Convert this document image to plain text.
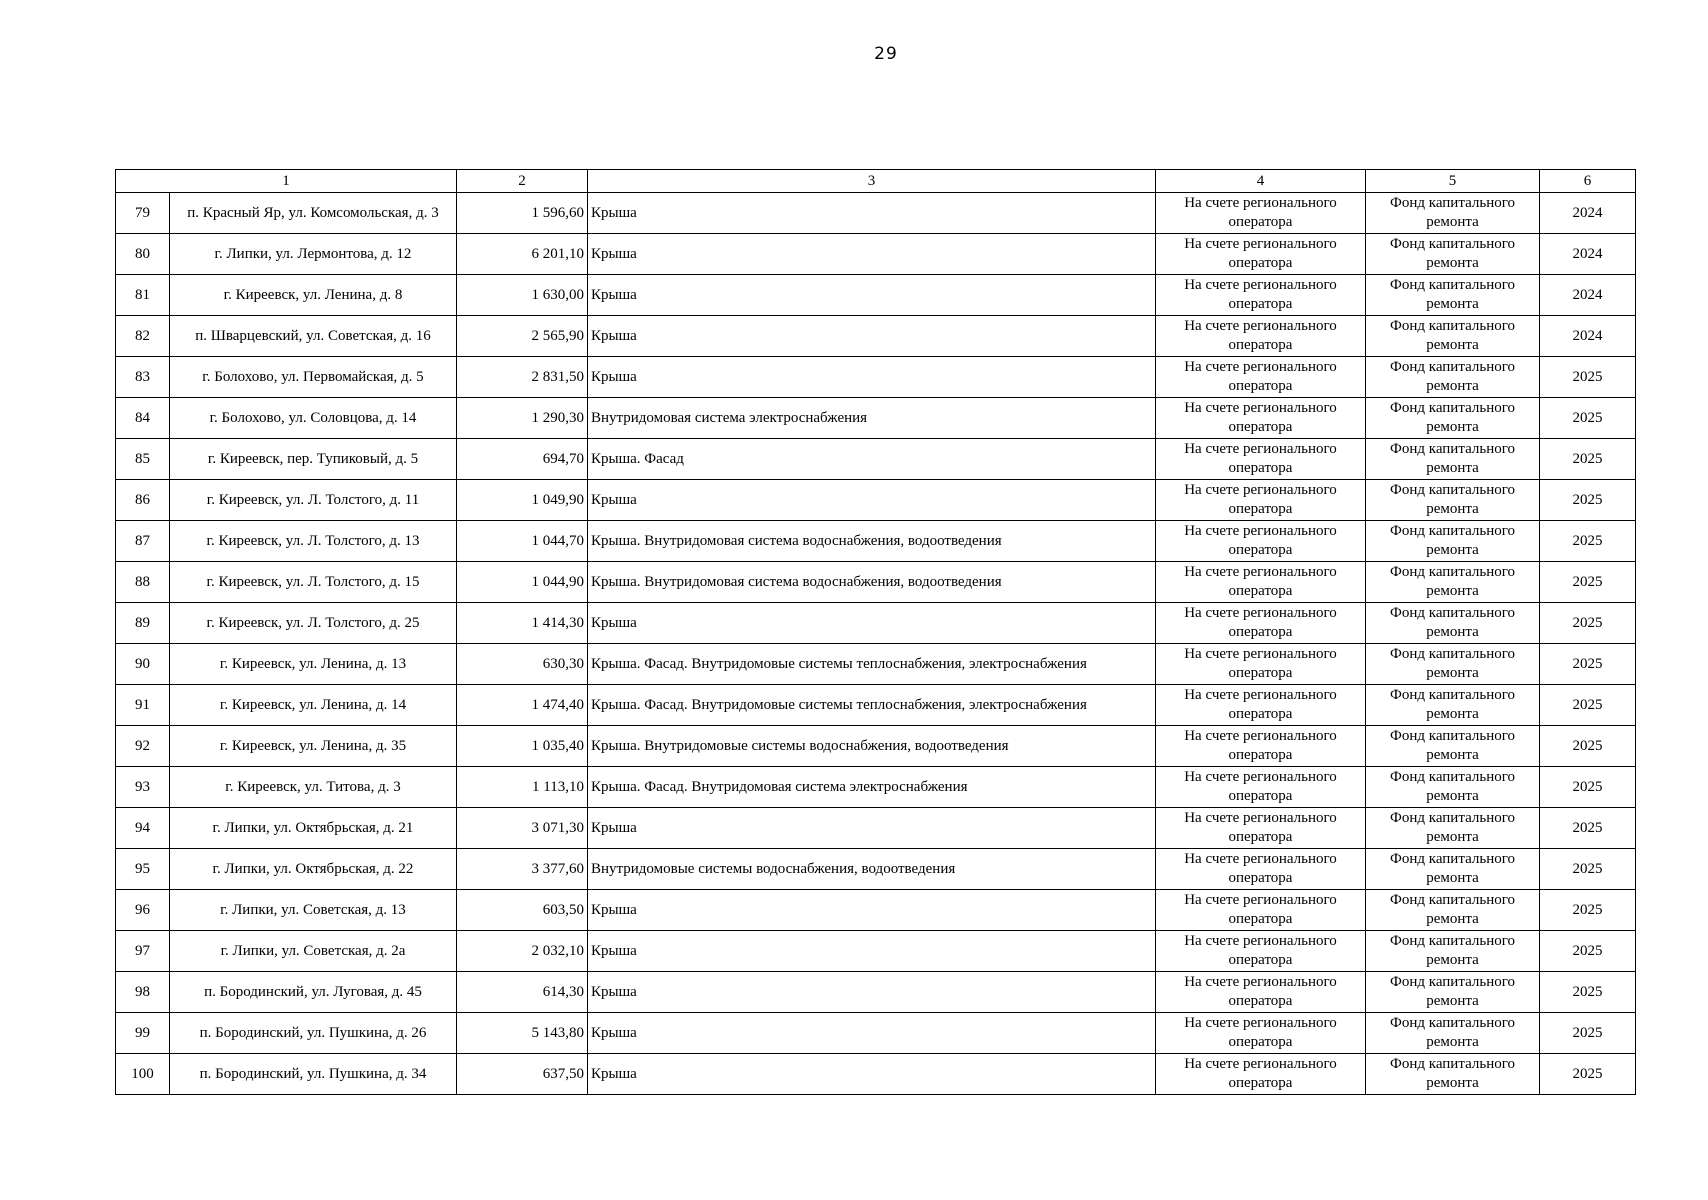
29
1		2	3	4	5	6
79	п. Красный Яр, ул. Комсомольская, д. 3	1 596,60	Крыша	На счете регионального оператора	Фонд капитального ремонта	2024
80	г. Липки, ул. Лермонтова, д. 12	6 201,10	Крыша	На счете регионального оператора	Фонд капитального ремонта	2024
81	г. Киреевск, ул. Ленина, д. 8	1 630,00	Крыша	На счете регионального оператора	Фонд капитального ремонта	2024
82	п. Шварцевский, ул. Советская, д. 16	2 565,90	Крыша	На счете регионального оператора	Фонд капитального ремонта	2024
83	г. Болохово, ул. Первомайская, д. 5	2 831,50	Крыша	На счете регионального оператора	Фонд капитального ремонта	2025
84	г. Болохово, ул. Соловцова, д. 14	1 290,30	Внутридомовая система электроснабжения	На счете регионального оператора	Фонд капитального ремонта	2025
85	г. Киреевск, пер. Тупиковый, д. 5	694,70	Крыша. Фасад	На счете регионального оператора	Фонд капитального ремонта	2025
86	г. Киреевск, ул. Л. Толстого, д. 11	1 049,90	Крыша	На счете регионального оператора	Фонд капитального ремонта	2025
87	г. Киреевск, ул. Л. Толстого, д. 13	1 044,70	Крыша. Внутридомовая система водоснабжения, водоотведения	На счете регионального оператора	Фонд капитального ремонта	2025
88	г. Киреевск, ул. Л. Толстого, д. 15	1 044,90	Крыша. Внутридомовая система водоснабжения, водоотведения	На счете регионального оператора	Фонд капитального ремонта	2025
89	г. Киреевск, ул. Л. Толстого, д. 25	1 414,30	Крыша	На счете регионального оператора	Фонд капитального ремонта	2025
90	г. Киреевск, ул. Ленина, д. 13	630,30	Крыша. Фасад. Внутридомовые системы теплоснабжения, электроснабжения	На счете регионального оператора	Фонд капитального ремонта	2025
91	г. Киреевск, ул. Ленина, д. 14	1 474,40	Крыша. Фасад. Внутридомовые системы теплоснабжения, электроснабжения	На счете регионального оператора	Фонд капитального ремонта	2025
92	г. Киреевск, ул. Ленина, д. 35	1 035,40	Крыша. Внутридомовые системы водоснабжения, водоотведения	На счете регионального оператора	Фонд капитального ремонта	2025
93	г. Киреевск, ул. Титова, д. 3	1 113,10	Крыша. Фасад. Внутридомовая система электроснабжения	На счете регионального оператора	Фонд капитального ремонта	2025
94	г. Липки, ул. Октябрьская, д. 21	3 071,30	Крыша	На счете регионального оператора	Фонд капитального ремонта	2025
95	г. Липки, ул. Октябрьская, д. 22	3 377,60	Внутридомовые системы водоснабжения, водоотведения	На счете регионального оператора	Фонд капитального ремонта	2025
96	г. Липки, ул. Советская, д. 13	603,50	Крыша	На счете регионального оператора	Фонд капитального ремонта	2025
97	г. Липки, ул. Советская, д. 2а	2 032,10	Крыша	На счете регионального оператора	Фонд капитального ремонта	2025
98	п. Бородинский, ул. Луговая, д. 45	614,30	Крыша	На счете регионального оператора	Фонд капитального ремонта	2025
99	п. Бородинский, ул. Пушкина, д. 26	5 143,80	Крыша	На счете регионального оператора	Фонд капитального ремонта	2025
100	п. Бородинский, ул. Пушкина, д. 34	637,50	Крыша	На счете регионального оператора	Фонд капитального ремонта	2025
